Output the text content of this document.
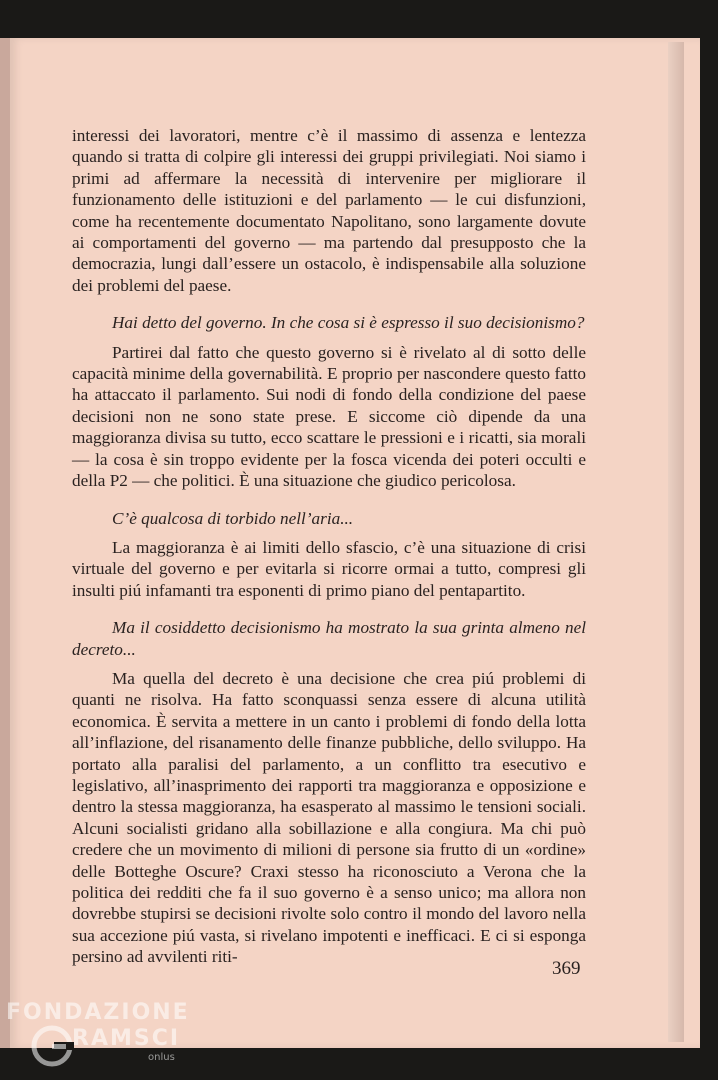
interessi dei lavoratori, mentre c’è il massimo di assenza e lentezza quando si tratta di colpire gli interessi dei gruppi privilegiati. Noi siamo i primi ad affermare la necessità di intervenire per migliorare il funzionamento delle istituzioni e del parlamento — le cui disfunzioni, come ha recentemente documentato Napolitano, sono largamente dovute ai comportamenti del governo — ma partendo dal presupposto che la democrazia, lungi dall’essere un ostacolo, è indispensabile alla soluzione dei problemi del paese.

Hai detto del governo. In che cosa si è espresso il suo decisionismo?

Partirei dal fatto che questo governo si è rivelato al di sotto delle capacità minime della governabilità. E proprio per nascondere questo fatto ha attaccato il parlamento. Sui nodi di fondo della condizione del paese decisioni non ne sono state prese. E siccome ciò dipende da una maggioranza divisa su tutto, ecco scattare le pressioni e i ricatti, sia morali — la cosa è sin troppo evidente per la fosca vicenda dei poteri occulti e della P2 — che politici. È una situazione che giudico pericolosa.

C’è qualcosa di torbido nell’aria...

La maggioranza è ai limiti dello sfascio, c’è una situazione di crisi virtuale del governo e per evitarla si ricorre ormai a tutto, compresi gli insulti piú infamanti tra esponenti di primo piano del pentapartito.

Ma il cosiddetto decisionismo ha mostrato la sua grinta almeno nel decreto...

Ma quella del decreto è una decisione che crea piú problemi di quanti ne risolva. Ha fatto sconquassi senza essere di alcuna utilità economica. È servita a mettere in un canto i problemi di fondo della lotta all’inflazione, del risanamento delle finanze pubbliche, dello sviluppo. Ha portato alla paralisi del parlamento, a un conflitto tra esecutivo e legislativo, all’inasprimento dei rapporti tra maggioranza e opposizione e dentro la stessa maggioranza, ha esasperato al massimo le tensioni sociali. Alcuni socialisti gridano alla sobillazione e alla congiura. Ma chi può credere che un movimento di milioni di persone sia frutto di un «ordine» delle Botteghe Oscure? Craxi stesso ha riconosciuto a Verona che la politica dei redditi che fa il suo governo è a senso unico; ma allora non dovrebbe stupirsi se decisioni rivolte solo contro il mondo del lavoro nella sua accezione piú vasta, si rivelano impotenti e inefficaci. E ci si esponga persino ad avvilenti riti-

369
FONDAZIONE
RAMSCI
onlus
